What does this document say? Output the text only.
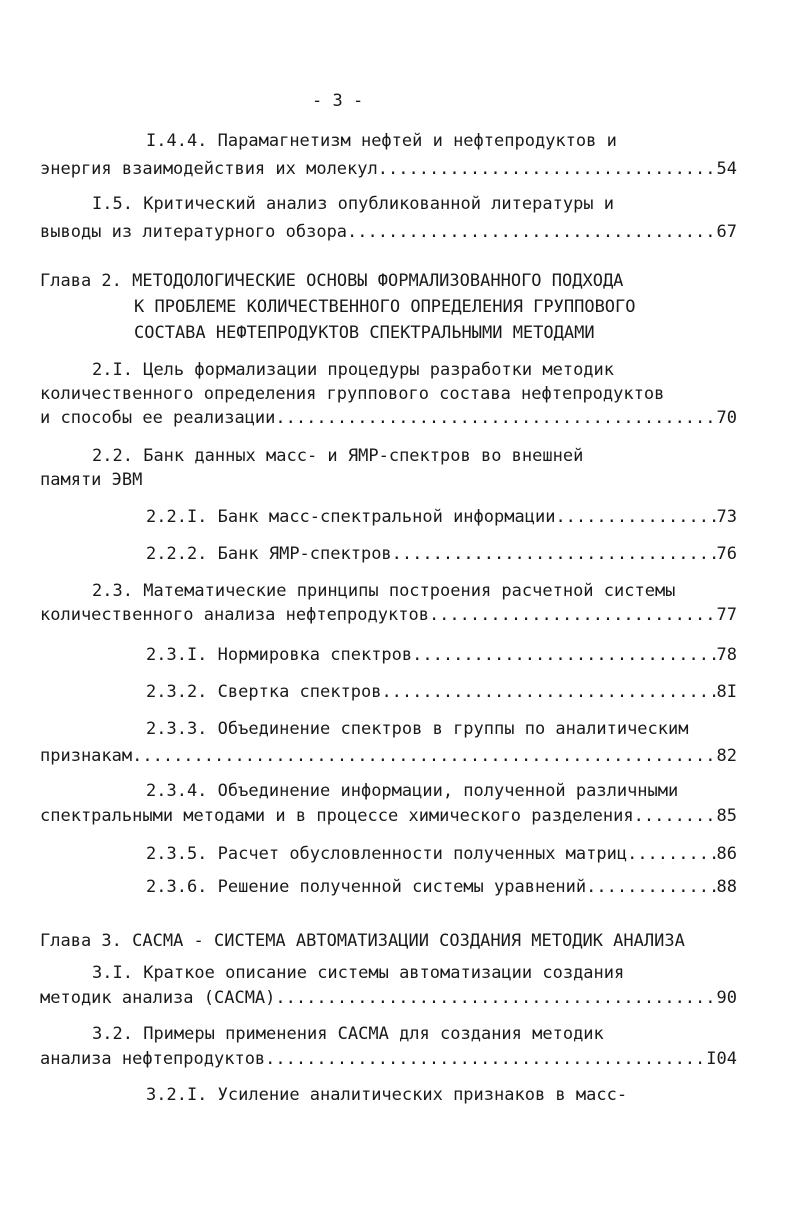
- 3 -
I.4.4. Парамагнетизм нефтей и нефтепродуктов и
энергия взаимодействия их молекул .....	54
I.5. Критический анализ опубликованной литературы и
выводы из литературного обзора .....	67
Глава 2. МЕТОДОЛОГИЧЕСКИЕ ОСНОВЫ ФОРМАЛИЗОВАННОГО ПОДХОДА
К ПРОБЛЕМЕ КОЛИЧЕСТВЕННОГО ОПРЕДЕЛЕНИЯ ГРУППОВОГО
СОСТАВА НЕФТЕПРОДУКТОВ СПЕКТРАЛЬНЫМИ МЕТОДАМИ
2.I. Цель формализации процедуры разработки методик
количественного определения группового состава нефтепродуктов
и способы ее реализации .....	70
2.2. Банк данных масс- и ЯМР-спектров во внешней
памяти ЭВМ
2.2.I. Банк масс-спектральной информации .....	73
2.2.2. Банк ЯМР-спектров .....	76
2.3. Математические принципы построения расчетной системы
количественного анализа нефтепродуктов .....	77
2.3.I. Нормировка спектров .....	78
2.3.2. Свертка спектров .....	8I
2.3.3. Объединение спектров в группы по аналитическим
признакам .....	82
2.3.4. Объединение информации, полученной различными
спектральными методами и в процессе химического разделения .....	85
2.3.5. Расчет обусловленности полученных матриц .....	86
2.3.6. Решение полученной системы уравнений .....	88
Глава 3. САСМА - СИСТЕМА АВТОМАТИЗАЦИИ СОЗДАНИЯ МЕТОДИК АНАЛИЗА
3.I. Краткое описание системы автоматизации создания
методик анализа (САСМА) .....	90
3.2. Примеры применения САСМА для создания методик
анализа нефтепродуктов .....	I04
3.2.I. Усиление аналитических признаков в масс-
